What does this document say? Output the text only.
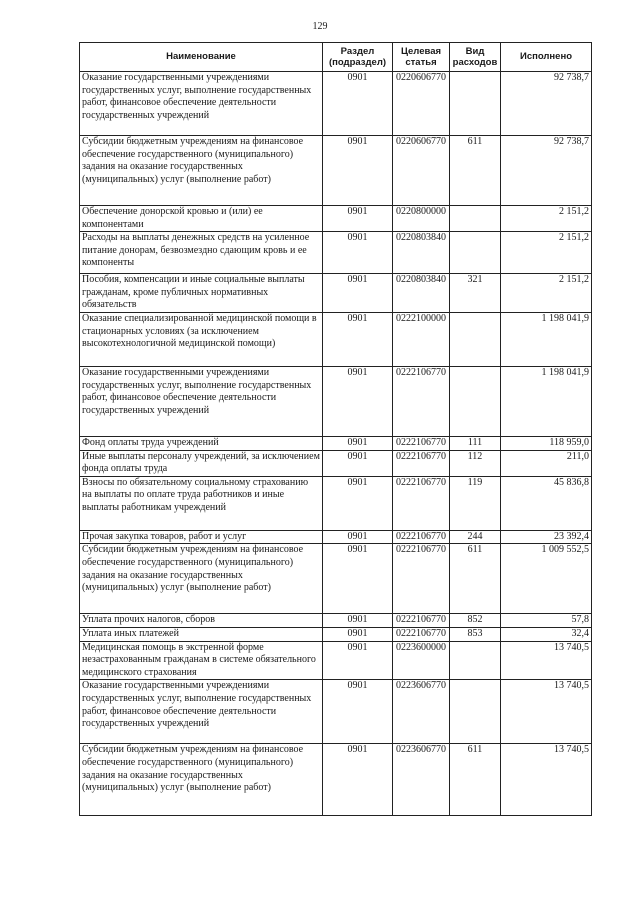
129
Наименование	Раздел (подраздел)	Целевая статья	Вид расходов	Исполнено
Оказание государственными учреждениями государственных услуг, выполнение государственных работ, финансовое обеспечение деятельности государственных учреждений	0901	0220606770		92 738,7
Субсидии бюджетным учреждениям на финансовое обеспечение государственного (муниципального) задания на оказание государственных (муниципальных) услуг (выполнение работ)	0901	0220606770	611	92 738,7
Обеспечение донорской кровью и (или) ее компонентами	0901	0220800000		2 151,2
Расходы на выплаты денежных средств на усиленное питание донорам, безвозмездно сдающим кровь и ее компоненты	0901	0220803840		2 151,2
Пособия, компенсации и иные социальные выплаты гражданам, кроме публичных нормативных обязательств	0901	0220803840	321	2 151,2
Оказание специализированной медицинской помощи в стационарных условиях (за исключением высокотехнологичной медицинской помощи)	0901	0222100000		1 198 041,9
Оказание государственными учреждениями государственных услуг, выполнение государственных работ, финансовое обеспечение деятельности государственных учреждений	0901	0222106770		1 198 041,9
Фонд оплаты труда учреждений	0901	0222106770	111	118 959,0
Иные выплаты персоналу учреждений, за исключением фонда оплаты труда	0901	0222106770	112	211,0
Взносы по обязательному социальному страхованию на выплаты по оплате труда работников и иные выплаты работникам учреждений	0901	0222106770	119	45 836,8
Прочая закупка товаров, работ и услуг	0901	0222106770	244	23 392,4
Субсидии бюджетным учреждениям на финансовое обеспечение государственного (муниципального) задания на оказание государственных (муниципальных) услуг (выполнение работ)	0901	0222106770	611	1 009 552,5
Уплата прочих налогов, сборов	0901	0222106770	852	57,8
Уплата иных платежей	0901	0222106770	853	32,4
Медицинская помощь в экстренной форме незастрахованным гражданам в системе обязательного медицинского страхования	0901	0223600000		13 740,5
Оказание государственными учреждениями государственных услуг, выполнение государственных работ, финансовое обеспечение деятельности государственных учреждений	0901	0223606770		13 740,5
Субсидии бюджетным учреждениям на финансовое обеспечение государственного (муниципального) задания на оказание государственных (муниципальных) услуг (выполнение работ)	0901	0223606770	611	13 740,5
